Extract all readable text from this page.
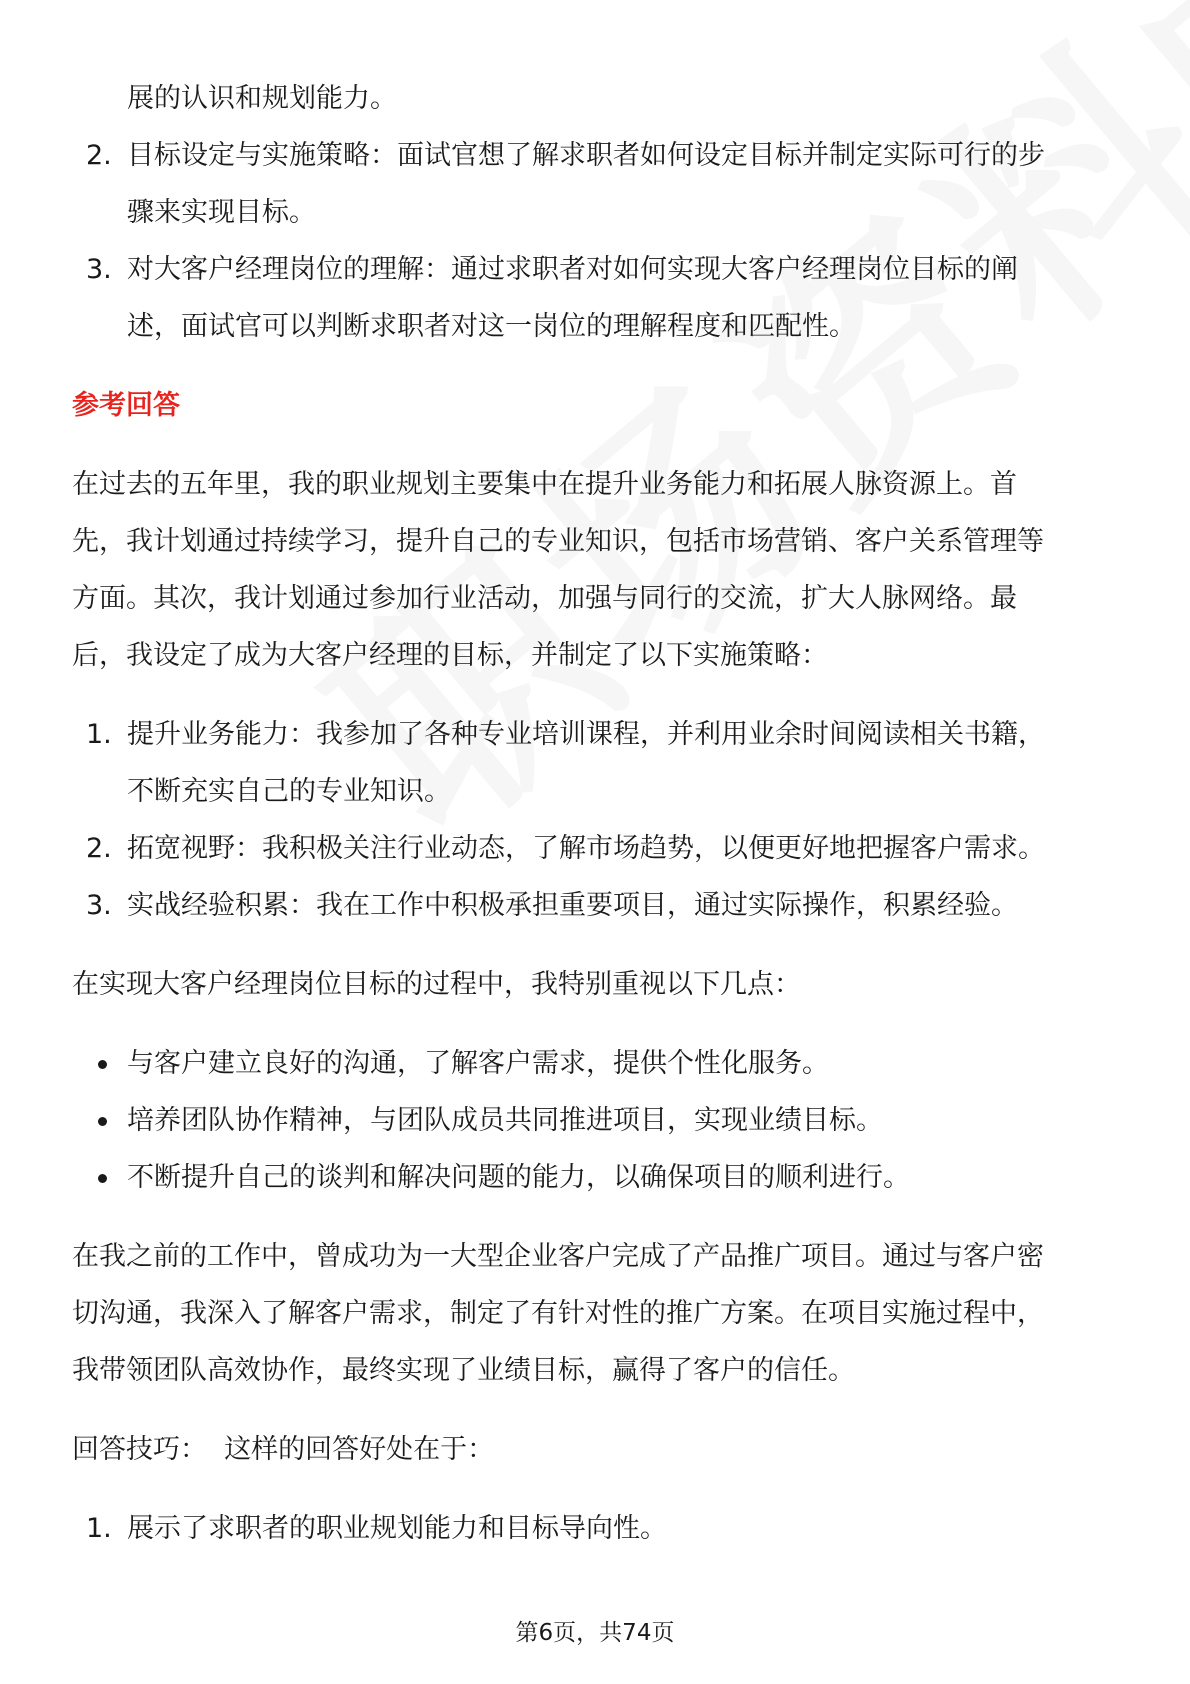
展的认识和规划能力。
2. 目标设定与实施策略：面试官想了解求职者如何设定目标并制定实际可行的步
骤来实现目标。
3. 对大客户经理岗位的理解：通过求职者对如何实现大客户经理岗位目标的阐
述，面试官可以判断求职者对这一岗位的理解程度和匹配性。
参考回答
在过去的五年里，我的职业规划主要集中在提升业务能力和拓展人脉资源上。首
先，我计划通过持续学习，提升自己的专业知识，包括市场营销、客户关系管理等
方面。其次，我计划通过参加行业活动，加强与同行的交流，扩大人脉网络。最
后，我设定了成为大客户经理的目标，并制定了以下实施策略：
1. 提升业务能力：我参加了各种专业培训课程，并利用业余时间阅读相关书籍，
不断充实自己的专业知识。
2. 拓宽视野：我积极关注行业动态，了解市场趋势，以便更好地把握客户需求。
3. 实战经验积累：我在工作中积极承担重要项目，通过实际操作，积累经验。
在实现大客户经理岗位目标的过程中，我特别重视以下几点：
与客户建立良好的沟通，了解客户需求，提供个性化服务。
培养团队协作精神，与团队成员共同推进项目，实现业绩目标。
不断提升自己的谈判和解决问题的能力，以确保项目的顺利进行。
在我之前的工作中，曾成功为一大型企业客户完成了产品推广项目。通过与客户密
切沟通，我深入了解客户需求，制定了有针对性的推广方案。在项目实施过程中，
我带领团队高效协作，最终实现了业绩目标，赢得了客户的信任。
回答技巧：  这样的回答好处在于：
1. 展示了求职者的职业规划能力和目标导向性。
第6页，共74页
